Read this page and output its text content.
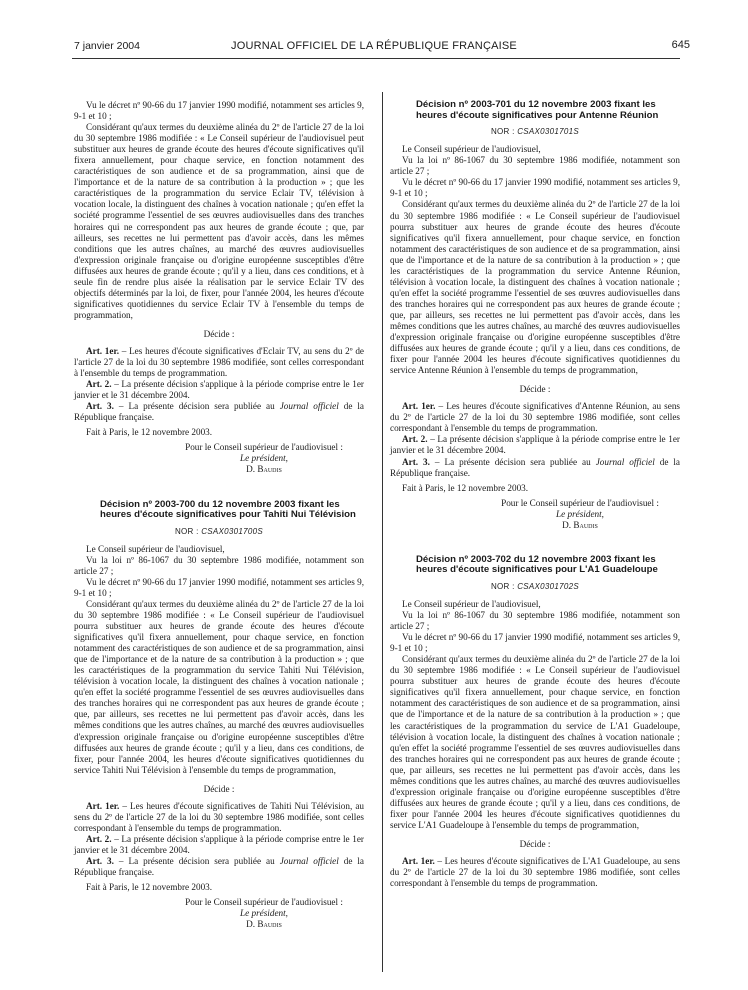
7 janvier 2004	JOURNAL OFFICIEL DE LA RÉPUBLIQUE FRANÇAISE	645

Vu le décret nº 90-66 du 17 janvier 1990 modifié, notamment ses articles 9, 9-1 et 10 ;

Considérant qu'aux termes du deuxième alinéa du 2º de l'article 27 de la loi du 30 septembre 1986 modifiée : « Le Conseil supérieur de l'audiovisuel peut substituer aux heures de grande écoute des heures d'écoute significatives qu'il fixera annuellement, pour chaque service, en fonction notamment des caractéristiques de son audience et de sa programmation, ainsi que de l'importance et de la nature de sa contribution à la production » ; que les caractéristiques de la programmation du service Eclair TV, télévision à vocation locale, la distinguent des chaînes à vocation nationale ; qu'en effet la société programme l'essentiel de ses œuvres audiovisuelles dans des tranches horaires qui ne correspondent pas aux heures de grande écoute ; que, par ailleurs, ses recettes ne lui permettent pas d'avoir accès, dans les mêmes conditions que les autres chaînes, au marché des œuvres audiovisuelles d'expression originale française ou d'origine européenne susceptibles d'être diffusées aux heures de grande écoute ; qu'il y a lieu, dans ces conditions, et à seule fin de rendre plus aisée la réalisation par le service Eclair TV des objectifs déterminés par la loi, de fixer, pour l'année 2004, les heures d'écoute significatives quotidiennes du service Eclair TV à l'ensemble du temps de programmation,

Décide :

Art. 1er. – Les heures d'écoute significatives d'Eclair TV, au sens du 2º de l'article 27 de la loi du 30 septembre 1986 modifiée, sont celles correspondant à l'ensemble du temps de programmation.

Art. 2. – La présente décision s'applique à la période comprise entre le 1er janvier et le 31 décembre 2004.

Art. 3. – La présente décision sera publiée au Journal officiel de la République française.

Fait à Paris, le 12 novembre 2003.

Pour le Conseil supérieur de l'audiovisuel :
Le président,
D. Baudis
Décision nº 2003-700 du 12 novembre 2003 fixant les heures d'écoute significatives pour Tahiti Nui Télévision
NOR : CSAX0301700S

Le Conseil supérieur de l'audiovisuel,

Vu la loi nº 86-1067 du 30 septembre 1986 modifiée, notamment son article 27 ;

Vu le décret nº 90-66 du 17 janvier 1990 modifié, notamment ses articles 9, 9-1 et 10 ;

Considérant qu'aux termes du deuxième alinéa du 2º de l'article 27 de la loi du 30 septembre 1986 modifiée : « Le Conseil supérieur de l'audiovisuel pourra substituer aux heures de grande écoute des heures d'écoute significatives qu'il fixera annuellement, pour chaque service, en fonction notamment des caractéristiques de son audience et de sa programmation, ainsi que de l'importance et de la nature de sa contribution à la production » ; que les caractéristiques de la programmation du service Tahiti Nui Télévision, télévision à vocation locale, la distinguent des chaînes à vocation nationale ; qu'en effet la société programme l'essentiel de ses œuvres audiovisuelles dans des tranches horaires qui ne correspondent pas aux heures de grande écoute ; que, par ailleurs, ses recettes ne lui permettent pas d'avoir accès, dans les mêmes conditions que les autres chaînes, au marché des œuvres audiovisuelles d'expression originale française ou d'origine européenne susceptibles d'être diffusées aux heures de grande écoute ; qu'il y a lieu, dans ces conditions, de fixer, pour l'année 2004, les heures d'écoute significatives quotidiennes du service Tahiti Nui Télévision à l'ensemble du temps de programmation,

Décide :

Art. 1er. – Les heures d'écoute significatives de Tahiti Nui Télévision, au sens du 2º de l'article 27 de la loi du 30 septembre 1986 modifiée, sont celles correspondant à l'ensemble du temps de programmation.

Art. 2. – La présente décision s'applique à la période comprise entre le 1er janvier et le 31 décembre 2004.

Art. 3. – La présente décision sera publiée au Journal officiel de la République française.

Fait à Paris, le 12 novembre 2003.

Pour le Conseil supérieur de l'audiovisuel :
Le président,
D. Baudis
Décision nº 2003-701 du 12 novembre 2003 fixant les heures d'écoute significatives pour Antenne Réunion
NOR : CSAX0301701S

Le Conseil supérieur de l'audiovisuel,

Vu la loi nº 86-1067 du 30 septembre 1986 modifiée, notamment son article 27 ;

Vu le décret nº 90-66 du 17 janvier 1990 modifié, notamment ses articles 9, 9-1 et 10 ;

Considérant qu'aux termes du deuxième alinéa du 2º de l'article 27 de la loi du 30 septembre 1986 modifiée : « Le Conseil supérieur de l'audiovisuel pourra substituer aux heures de grande écoute des heures d'écoute significatives qu'il fixera annuellement, pour chaque service, en fonction notamment des caractéristiques de son audience et de sa programmation, ainsi que de l'importance et de la nature de sa contribution à la production » ; que les caractéristiques de la programmation du service Antenne Réunion, télévision à vocation locale, la distinguent des chaînes à vocation nationale ; qu'en effet la société programme l'essentiel de ses œuvres audiovisuelles dans des tranches horaires qui ne correspondent pas aux heures de grande écoute ; que, par ailleurs, ses recettes ne lui permettent pas d'avoir accès, dans les mêmes conditions que les autres chaînes, au marché des œuvres audiovisuelles d'expression originale française ou d'origine européenne susceptibles d'être diffusées aux heures de grande écoute ; qu'il y a lieu, dans ces conditions, de fixer pour l'année 2004 les heures d'écoute significatives quotidiennes du service Antenne Réunion à l'ensemble du temps de programmation,

Décide :

Art. 1er. – Les heures d'écoute significatives d'Antenne Réunion, au sens du 2º de l'article 27 de la loi du 30 septembre 1986 modifiée, sont celles correspondant à l'ensemble du temps de programmation.

Art. 2. – La présente décision s'applique à la période comprise entre le 1er janvier et le 31 décembre 2004.

Art. 3. – La présente décision sera publiée au Journal officiel de la République française.

Fait à Paris, le 12 novembre 2003.

Pour le Conseil supérieur de l'audiovisuel :
Le président,
D. Baudis
Décision nº 2003-702 du 12 novembre 2003 fixant les heures d'écoute significatives pour L'A1 Guadeloupe
NOR : CSAX0301702S

Le Conseil supérieur de l'audiovisuel,

Vu la loi nº 86-1067 du 30 septembre 1986 modifiée, notamment son article 27 ;

Vu le décret nº 90-66 du 17 janvier 1990 modifié, notamment ses articles 9, 9-1 et 10 ;

Considérant qu'aux termes du deuxième alinéa du 2º de l'article 27 de la loi du 30 septembre 1986 modifiée : « Le Conseil supérieur de l'audiovisuel pourra substituer aux heures de grande écoute des heures d'écoute significatives qu'il fixera annuellement, pour chaque service, en fonction notamment des caractéristiques de son audience et de sa programmation, ainsi que de l'importance et de la nature de sa contribution à la production » ; que les caractéristiques de la programmation du service de L'A1 Guadeloupe, télévision à vocation locale, la distinguent des chaînes à vocation nationale ; qu'en effet la société programme l'essentiel de ses œuvres audiovisuelles dans des tranches horaires qui ne correspondent pas aux heures de grande écoute ; que, par ailleurs, ses recettes ne lui permettent pas d'avoir accès, dans les mêmes conditions que les autres chaînes, au marché des œuvres audiovisuelles d'expression originale française ou d'origine européenne susceptibles d'être diffusées aux heures de grande écoute ; qu'il y a lieu, dans ces conditions, de fixer pour l'année 2004 les heures d'écoute significatives quotidiennes du service L'A1 Guadeloupe à l'ensemble du temps de programmation,

Décide :

Art. 1er. – Les heures d'écoute significatives de L'A1 Guadeloupe, au sens du 2º de l'article 27 de la loi du 30 septembre 1986 modifiée, sont celles correspondant à l'ensemble du temps de programmation.
